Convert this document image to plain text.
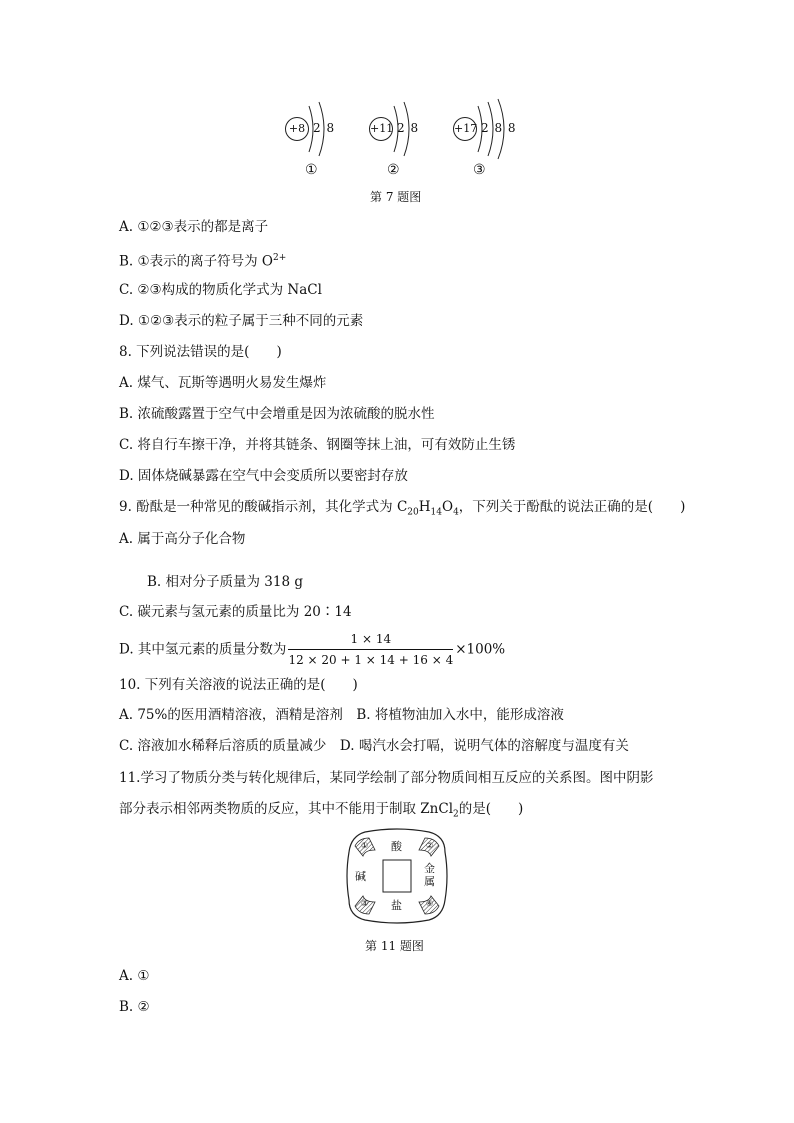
+8 2 8
①
+11 2 8
②
+17 2 8 8
③
第 7 题图
A. ①②③表示的都是离子
B. ①表示的离子符号为 $O^{2+}$
C. ②③构成的物质化学式为 NaCl
D. ①②③表示的粒子属于三种不同的元素
8. 下列说法错误的是(　　)
A. 煤气、瓦斯等遇明火易发生爆炸
B. 浓硫酸露置于空气中会增重是因为浓硫酸的脱水性
C. 将自行车擦干净，并将其链条、钢圈等抹上油，可有效防止生锈
D. 固体烧碱暴露在空气中会变质所以要密封存放
9. 酚酞是一种常见的酸碱指示剂，其化学式为 $C_{20}H_{14}O_4$，下列关于酚酞的说法正确的是(　　)
A. 属于高分子化合物
B. 相对分子质量为 318 g
C. 碳元素与氢元素的质量比为 20∶14
D. 其中氢元素的质量分数为 $\frac{1 \times 14}{12 \times 20 + 1 \times 14 + 16 \times 4} \times 100\%$
10. 下列有关溶液的说法正确的是(　　)
A. 75%的医用酒精溶液，酒精是溶剂　B. 将植物油加入水中，能形成溶液
C. 溶液加水稀释后溶质的质量减少　D. 喝汽水会打嗝，说明气体的溶解度与温度有关
11.学习了物质分类与转化规律后，某同学绘制了部分物质间相互反应的关系图。图中阴影
部分表示相邻两类物质的反应，其中不能用于制取 ZnCl$_2$的是(　　)
酸
碱
金属
盐
①	②
③	④
第 11 题图
A. ①
B. ②
